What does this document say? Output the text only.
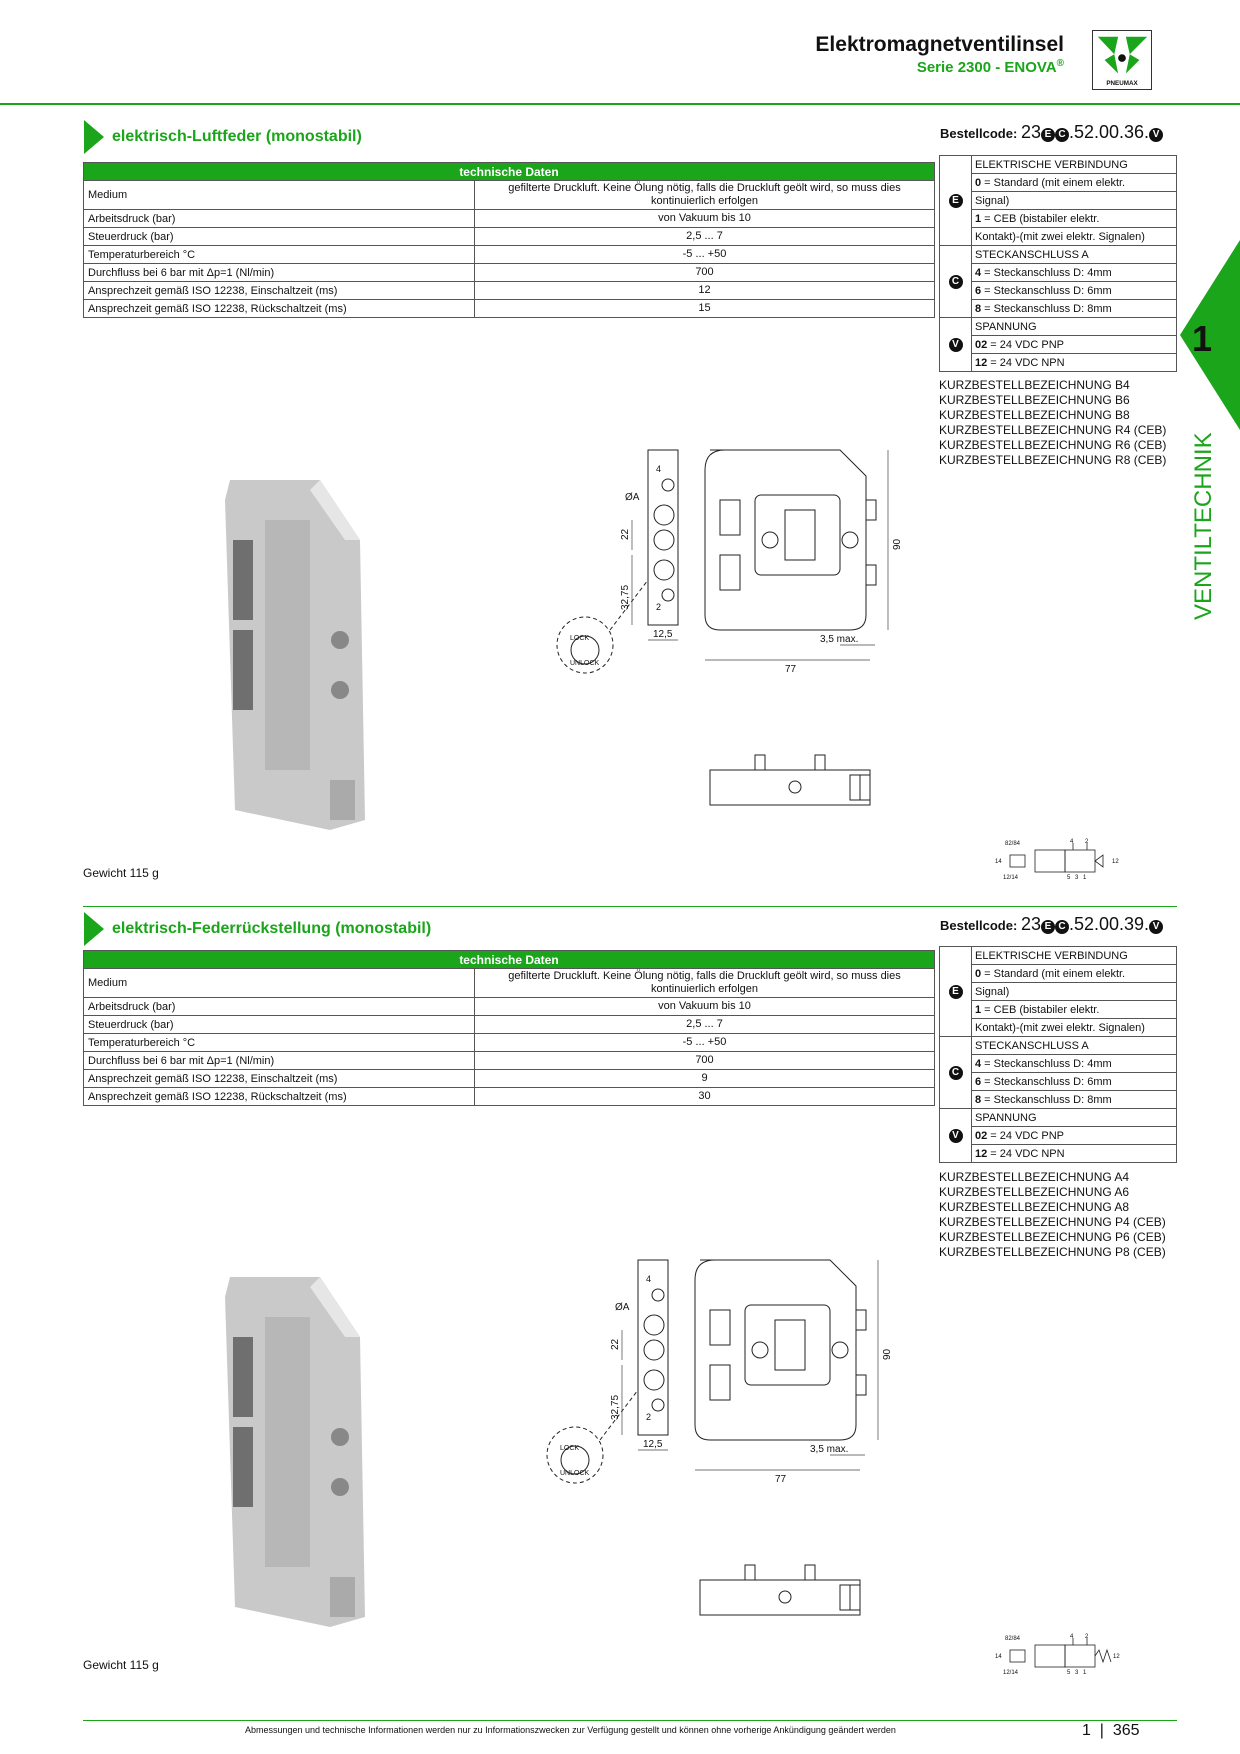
Elektromagnetventilinsel
Serie 2300 - ENOVA®
PNEUMAX
1
VENTILTECHNIK
elektrisch-Luftfeder (monostabil)	Bestellcode: 23 E C .52.00.36. V
technische Daten	
Medium	gefilterte Druckluft. Keine Ölung nötig, falls die Druckluft geölt wird, so muss dies kontinuierlich erfolgen
Arbeitsdruck (bar)	von Vakuum bis 10
Steuerdruck (bar)	2,5 ... 7
Temperaturbereich °C	-5 ... +50
Durchfluss bei 6 bar mit Δp=1 (Nl/min)	700
Ansprechzeit gemäß ISO 12238, Einschaltzeit (ms)	12
Ansprechzeit gemäß ISO 12238, Rückschaltzeit (ms)	15
E	ELEKTRISCHE VERBINDUNG
	0 = Standard (mit einem elektr.
	Signal)
	1 = CEB (bistabiler elektr.
	Kontakt)-(mit zwei elektr. Signalen)
C	STECKANSCHLUSS A
	4 = Steckanschluss D: 4mm
	6 = Steckanschluss D: 6mm
	8 = Steckanschluss D: 8mm
V	SPANNUNG
	02 = 24 VDC PNP
	12 = 24 VDC NPN
KURZBESTELLBEZEICHNUNG B4
KURZBESTELLBEZEICHNUNG B6
KURZBESTELLBEZEICHNUNG B8
KURZBESTELLBEZEICHNUNG R4 (CEB)
KURZBESTELLBEZEICHNUNG R6 (CEB)
KURZBESTELLBEZEICHNUNG R8 (CEB)
ØA
4
2
22
32,75
12,5	3,5 max.
77
90
LOCK
UNLOCK
82/84
14
12/14
12
4 2
5 3 1
Gewicht 115 g
elektrisch-Federrückstellung (monostabil)	Bestellcode: 23 E C .52.00.39. V
technische Daten	
Medium	gefilterte Druckluft. Keine Ölung nötig, falls die Druckluft geölt wird, so muss dies kontinuierlich erfolgen
Arbeitsdruck (bar)	von Vakuum bis 10
Steuerdruck (bar)	2,5 ... 7
Temperaturbereich °C	-5 ... +50
Durchfluss bei 6 bar mit Δp=1 (Nl/min)	700
Ansprechzeit gemäß ISO 12238, Einschaltzeit (ms)	9
Ansprechzeit gemäß ISO 12238, Rückschaltzeit (ms)	30
E	ELEKTRISCHE VERBINDUNG
	0 = Standard (mit einem elektr.
	Signal)
	1 = CEB (bistabiler elektr.
	Kontakt)-(mit zwei elektr. Signalen)
C	STECKANSCHLUSS A
	4 = Steckanschluss D: 4mm
	6 = Steckanschluss D: 6mm
	8 = Steckanschluss D: 8mm
V	SPANNUNG
	02 = 24 VDC PNP
	12 = 24 VDC NPN
KURZBESTELLBEZEICHNUNG A4
KURZBESTELLBEZEICHNUNG A6
KURZBESTELLBEZEICHNUNG A8
KURZBESTELLBEZEICHNUNG P4 (CEB)
KURZBESTELLBEZEICHNUNG P6 (CEB)
KURZBESTELLBEZEICHNUNG P8 (CEB)
ØA
4
2
22
32,75
12,5	3,5 max.
77
90
LOCK
UNLOCK
82/84
14
12/14
12
4 2
5 3 1
Gewicht 115 g
Abmessungen und technische Informationen werden nur zu Informationszwecken zur Verfügung gestellt und können ohne vorherige Ankündigung geändert werden	1  |  365
